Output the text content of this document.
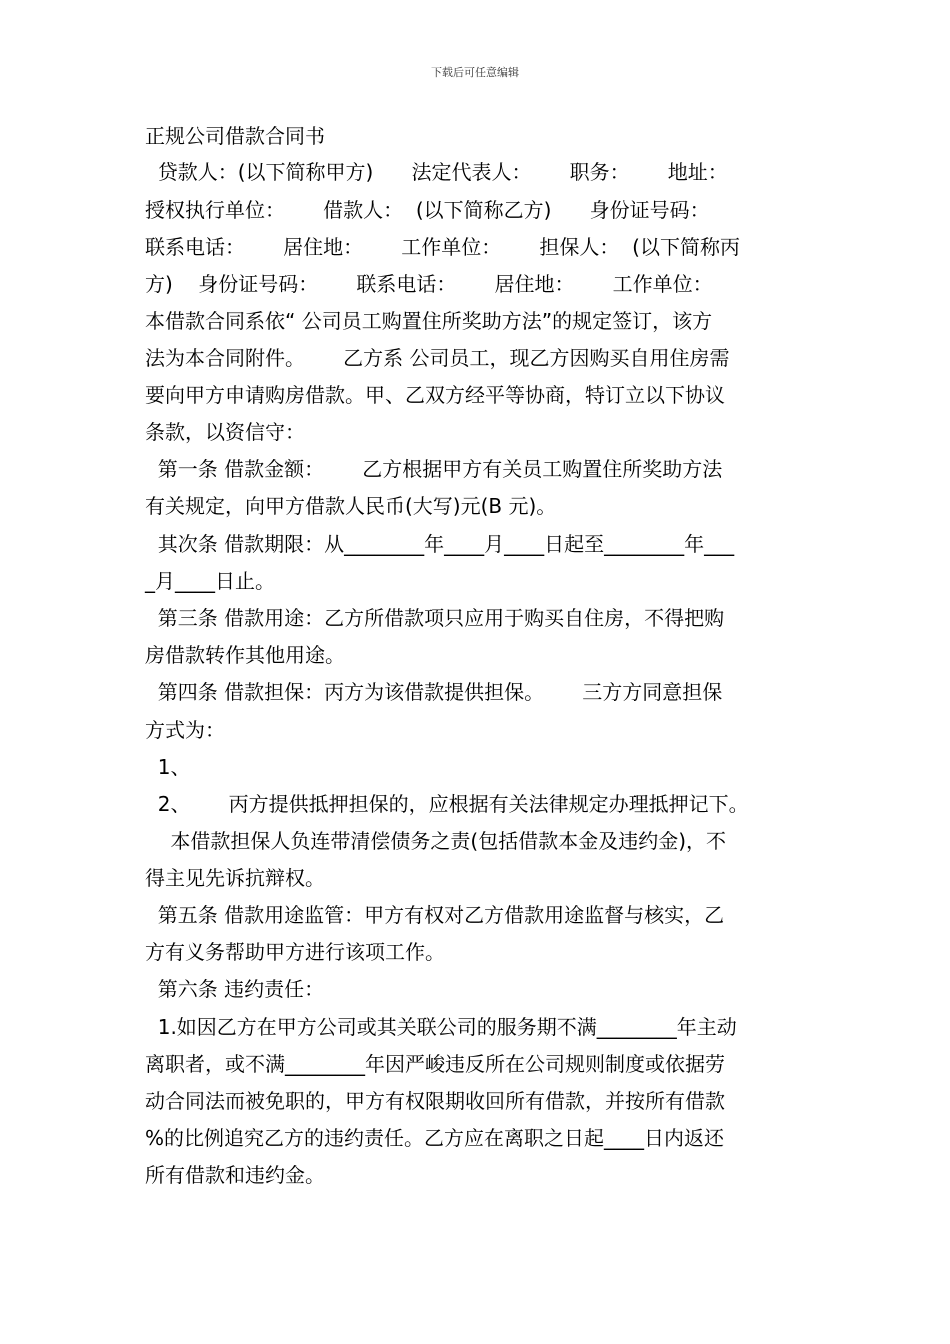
下载后可任意编辑
正规公司借款合同书

贷款人：(以下简称甲方)      法定代表人：      职务：      地址：

授权执行单位：      借款人：  (以下简称乙方)      身份证号码：

联系电话：      居住地：      工作单位：      担保人：  (以下简称丙

方)    身份证号码：      联系电话：      居住地：      工作单位：

本借款合同系依“ 公司员工购置住所奖助方法”的规定签订，该方

法为本合同附件。      乙方系 公司员工，现乙方因购买自用住房需

要向甲方申请购房借款。甲、乙双方经平等协商，特订立以下协议

条款，以资信守：

第一条 借款金额：      乙方根据甲方有关员工购置住所奖助方法

有关规定，向甲方借款人民币(大写)元(B 元)。

其次条 借款期限：从________年____月____日起至________年___

_月____日止。

第三条 借款用途：乙方所借款项只应用于购买自住房，不得把购

房借款转作其他用途。

第四条 借款担保：丙方为该借款提供担保。      三方方同意担保

方式为：

1、

2、      丙方提供抵押担保的，应根据有关法律规定办理抵押记下。

本借款担保人负连带清偿债务之责(包括借款本金及违约金)，不

得主见先诉抗辩权。

第五条 借款用途监管：甲方有权对乙方借款用途监督与核实，乙

方有义务帮助甲方进行该项工作。

第六条 违约责任：

1.如因乙方在甲方公司或其关联公司的服务期不满________年主动

离职者，或不满________年因严峻违反所在公司规则制度或依据劳

动合同法而被免职的，甲方有权限期收回所有借款，并按所有借款

%的比例追究乙方的违约责任。乙方应在离职之日起____日内返还

所有借款和违约金。
